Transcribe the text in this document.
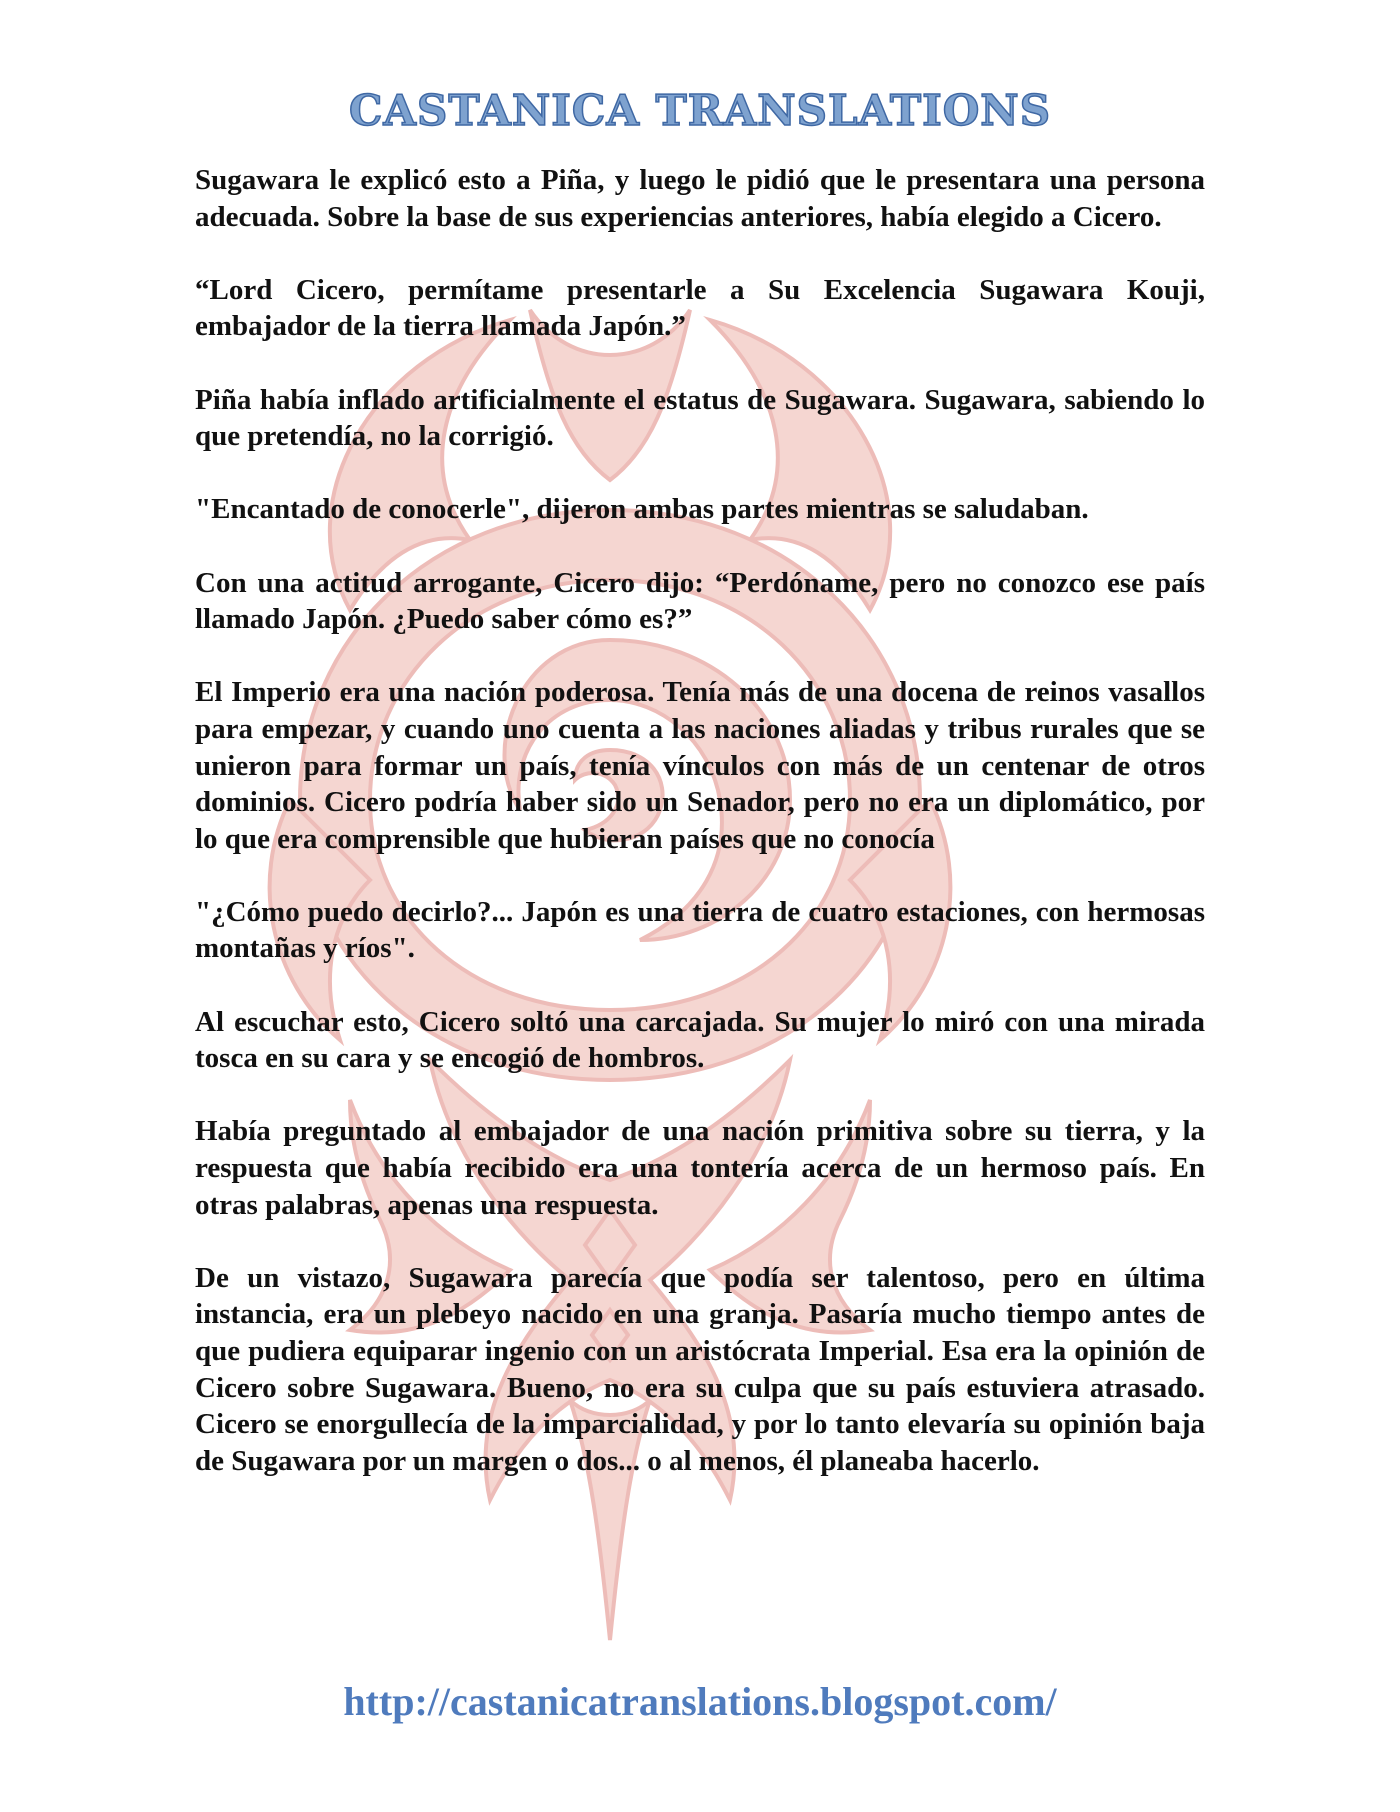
CASTANICA TRANSLATIONS

Sugawara le explicó esto a Piña, y luego le pidió que le presentara una persona adecuada. Sobre la base de sus experiencias anteriores, había elegido a Cicero.

“Lord Cicero, permítame presentarle a Su Excelencia Sugawara Kouji, embajador de la tierra llamada Japón.”

Piña había inflado artificialmente el estatus de Sugawara. Sugawara, sabiendo lo que pretendía, no la corrigió.

"Encantado de conocerle", dijeron ambas partes mientras se saludaban.

Con una actitud arrogante, Cicero dijo: “Perdóname, pero no conozco ese país llamado Japón. ¿Puedo saber cómo es?”

El Imperio era una nación poderosa. Tenía más de una docena de reinos vasallos para empezar, y cuando uno cuenta a las naciones aliadas y tribus rurales que se unieron para formar un país, tenía vínculos con más de un centenar de otros dominios. Cicero podría haber sido un Senador, pero no era un diplomático, por lo que era comprensible que hubieran países que no conocía

"¿Cómo puedo decirlo?... Japón es una tierra de cuatro estaciones, con hermosas montañas y ríos".

Al escuchar esto, Cicero soltó una carcajada. Su mujer lo miró con una mirada tosca en su cara y se encogió de hombros.

Había preguntado al embajador de una nación primitiva sobre su tierra, y la respuesta que había recibido era una tontería acerca de un hermoso país. En otras palabras, apenas una respuesta.

De un vistazo, Sugawara parecía que podía ser talentoso, pero en última instancia, era un plebeyo nacido en una granja. Pasaría mucho tiempo antes de que pudiera equiparar ingenio con un aristócrata Imperial. Esa era la opinión de Cicero sobre Sugawara. Bueno, no era su culpa que su país estuviera atrasado. Cicero se enorgullecía de la imparcialidad, y por lo tanto elevaría su opinión baja de Sugawara por un margen o dos... o al menos, él planeaba hacerlo.

http://castanicatranslations.blogspot.com/
